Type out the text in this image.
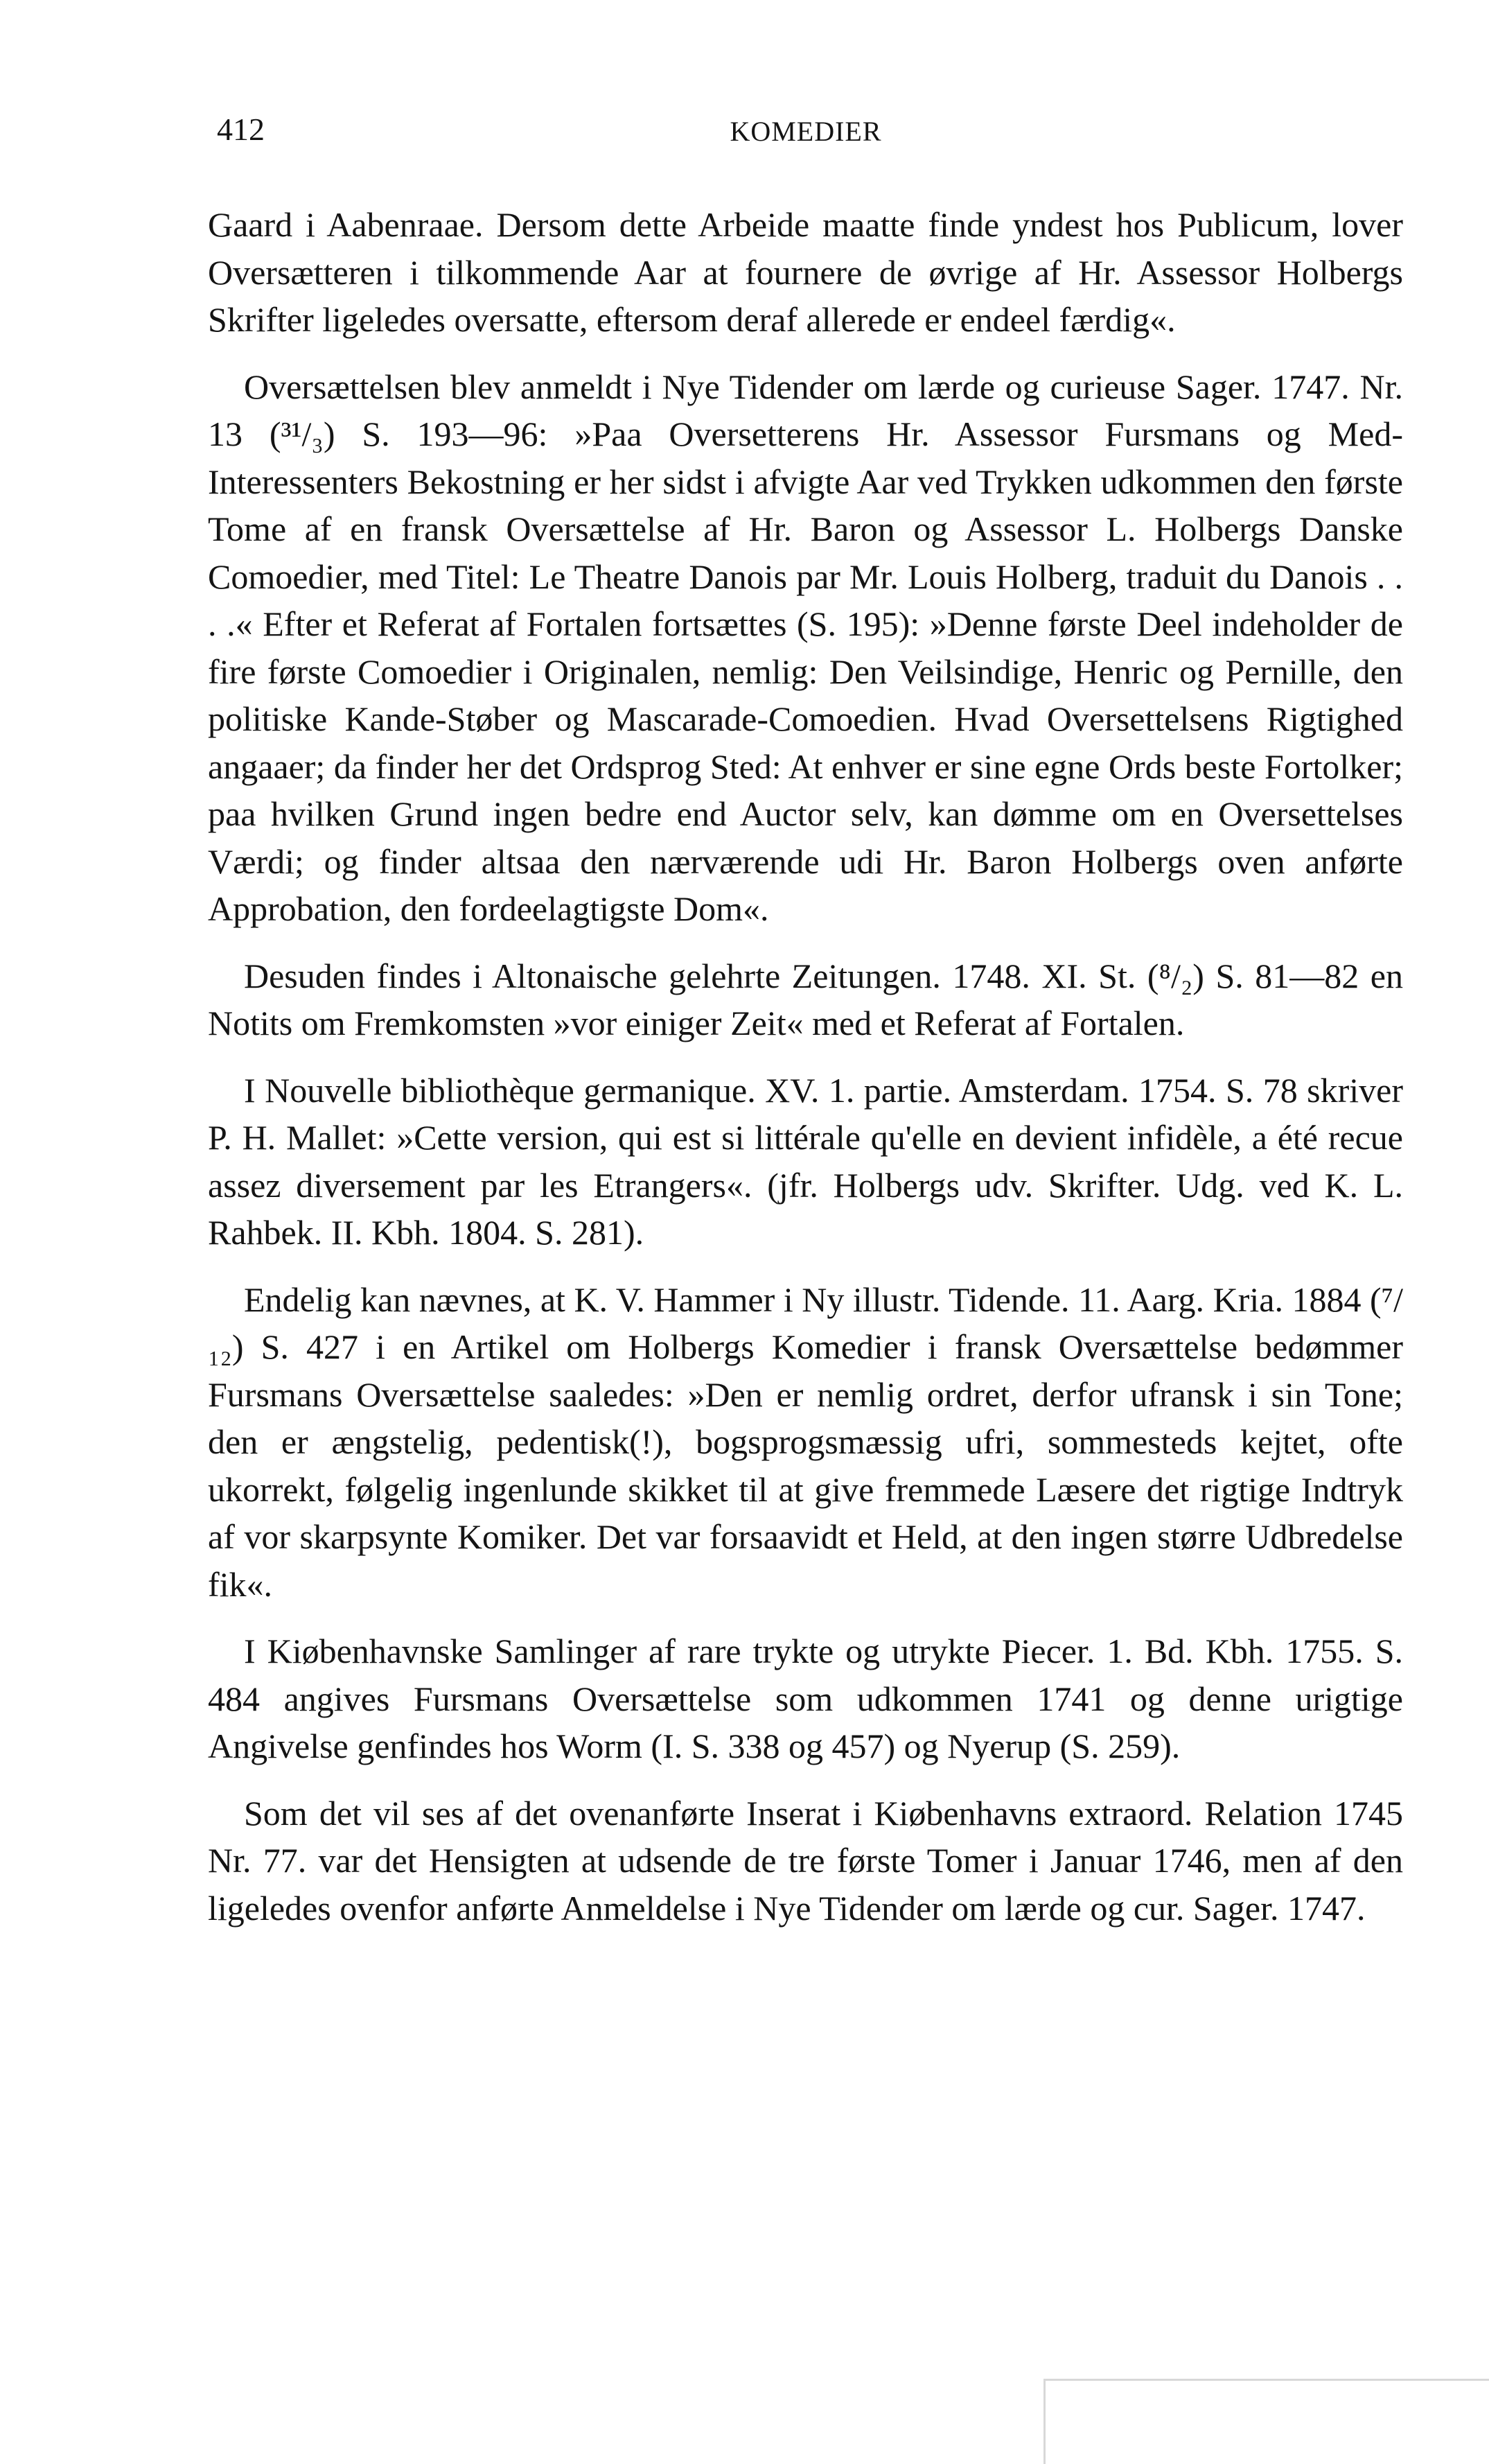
412	KOMEDIER

Gaard i Aabenraae. Dersom dette Arbeide maatte finde yndest hos Publicum, lover Oversætteren i tilkommende Aar at fournere de øvrige af Hr. Assessor Holbergs Skrifter ligeledes oversatte, eftersom deraf allerede er endeel færdig«.

Oversættelsen blev anmeldt i Nye Tidender om lærde og curieuse Sager. 1747. Nr. 13 (³¹/₃) S. 193—96: »Paa Oversetterens Hr. Assessor Fursmans og Med-Interessenters Bekostning er her sidst i afvigte Aar ved Trykken udkommen den første Tome af en fransk Oversættelse af Hr. Baron og Assessor L. Holbergs Danske Comoedier, med Titel: Le Theatre Danois par Mr. Louis Holberg, traduit du Danois . . . .« Efter et Referat af Fortalen fortsættes (S. 195): »Denne første Deel indeholder de fire første Comoedier i Originalen, nemlig: Den Veilsindige, Henric og Pernille, den politiske Kande-Støber og Mascarade-Comoedien. Hvad Oversettelsens Rigtighed angaaer; da finder her det Ordsprog Sted: At enhver er sine egne Ords beste Fortolker; paa hvilken Grund ingen bedre end Auctor selv, kan dømme om en Oversettelses Værdi; og finder altsaa den nærværende udi Hr. Baron Holbergs oven anførte Approbation, den fordeelagtigste Dom«.

Desuden findes i Altonaische gelehrte Zeitungen. 1748. XI. St. (⁸/₂) S. 81—82 en Notits om Fremkomsten »vor einiger Zeit« med et Referat af Fortalen.

I Nouvelle bibliothèque germanique. XV. 1. partie. Amsterdam. 1754. S. 78 skriver P. H. Mallet: »Cette version, qui est si littérale qu'elle en devient infidèle, a été recue assez diversement par les Etrangers«. (jfr. Holbergs udv. Skrifter. Udg. ved K. L. Rahbek. II. Kbh. 1804. S. 281).

Endelig kan nævnes, at K. V. Hammer i Ny illustr. Tidende. 11. Aarg. Kria. 1884 (⁷/₁₂) S. 427 i en Artikel om Holbergs Komedier i fransk Oversættelse bedømmer Fursmans Oversættelse saaledes: »Den er nemlig ordret, derfor ufransk i sin Tone; den er ængstelig, pedentisk(!), bogsprogsmæssig ufri, sommesteds kejtet, ofte ukorrekt, følgelig ingenlunde skikket til at give fremmede Læsere det rigtige Indtryk af vor skarpsynte Komiker. Det var forsaavidt et Held, at den ingen større Udbredelse fik«.

I Kiøbenhavnske Samlinger af rare trykte og utrykte Piecer. 1. Bd. Kbh. 1755. S. 484 angives Fursmans Oversættelse som udkommen 1741 og denne urigtige Angivelse genfindes hos Worm (I. S. 338 og 457) og Nyerup (S. 259).

Som det vil ses af det ovenanførte Inserat i Kiøbenhavns extraord. Relation 1745 Nr. 77. var det Hensigten at udsende de tre første Tomer i Januar 1746, men af den ligeledes ovenfor anførte Anmeldelse i Nye Tidender om lærde og cur. Sager. 1747.
